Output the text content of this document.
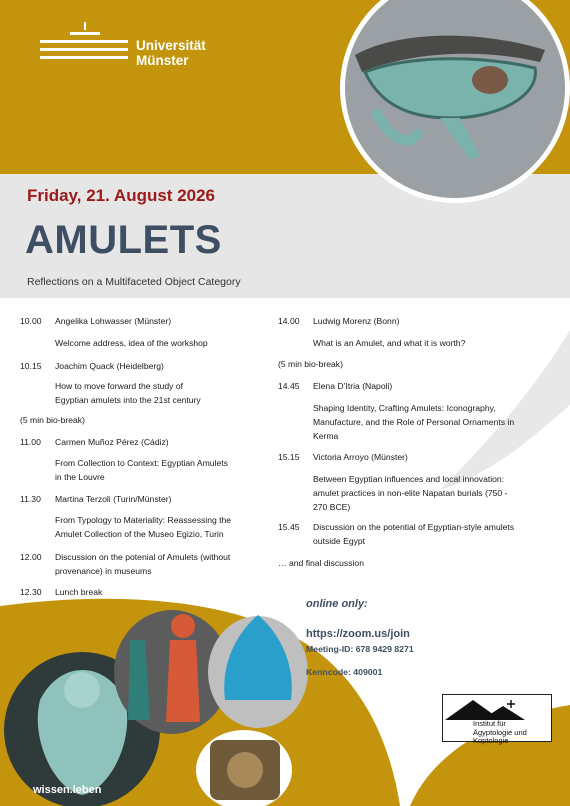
Universität
Münster
Friday, 21. August 2026
AMULETS
Reflections on a Multifaceted Object Category
10.00	Angelika Lohwasser (Münster)
Welcome address, idea of the workshop
10.15	Joachim Quack (Heidelberg)
How to move forward the study of
Egyptian amulets into the 21st century
(5 min bio-break)
11.00	Carmen Muñoz Pérez (Cádiz)
From Collection to Context: Egyptian Amulets
in the Louvre
11.30	Martina Terzoli (Turin/Münster)
From Typology to Materiality: Reassessing the
Amulet Collection of the Museo Egizio, Turin
12.00	Discussion on the potenial of Amulets (without
provenance) in museums
12.30	Lunch break
14.00	Ludwig Morenz (Bonn)
What is an Amulet, and what it is worth?
(5 min bio-break)
14.45	Elena D’Itria (Napoli)
Shaping Identity, Crafting Amulets: Iconography,
Manufacture, and the Role of Personal Ornaments in
Kerma
15.15	Victoria Arroyo (Münster)
Between Egyptian influences and local innovation:
amulet practices in non-elite Napatan burials (750 -
270 BCE)
15.45	Discussion on the potential of Egyptian-style amulets
outside Egypt
… and final discussion
online only:
https://zoom.us/join
Meeting-ID: 678 9429 8271
Kenncode: 409001
Institut für
Ägyptologie und Koptologie
wissen.leben
